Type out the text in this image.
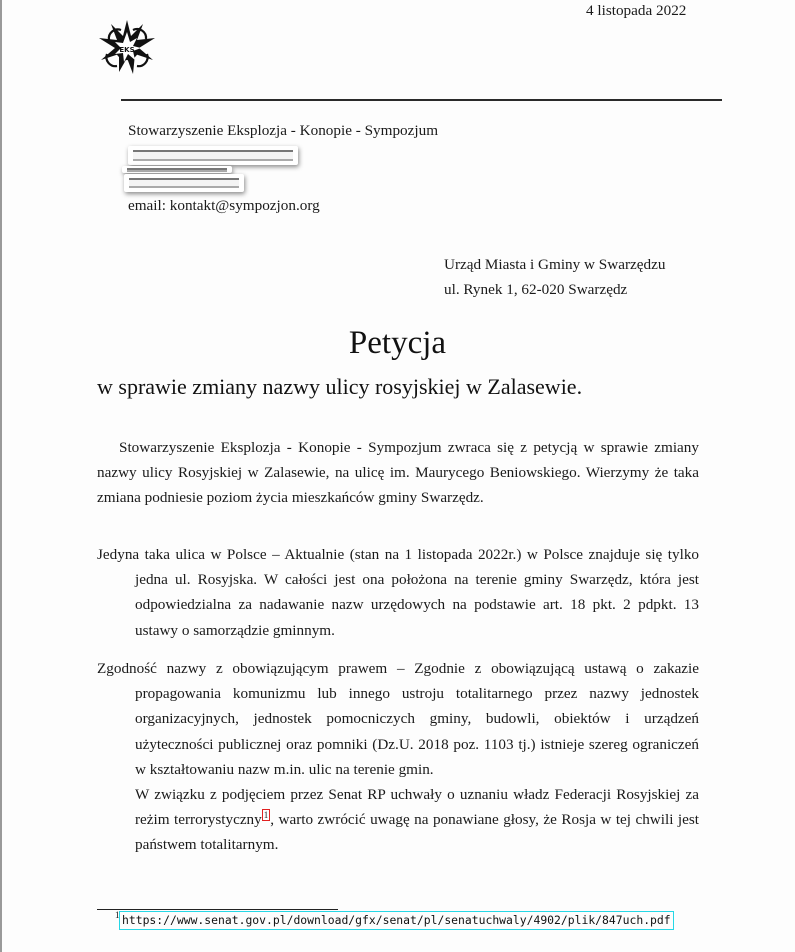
4 listopada 2022
EKS
Stowarzyszenie Eksplozja - Konopie - Sympozjum
email: kontakt@sympozjon.org
Urząd Miasta i Gminy w Swarzędzu
ul. Rynek 1, 62-020 Swarzędz
Petycja
w sprawie zmiany nazwy ulicy rosyjskiej w Zalasewie.
Stowarzyszenie Eksplozja - Konopie - Sympozjum zwraca się z petycją w sprawie zmiany nazwy ulicy Rosyjskiej w Zalasewie, na ulicę im. Maurycego Beniowskiego. Wierzymy że taka zmiana podniesie poziom życia mieszkańców gminy Swarzędz.
Jedyna taka ulica w Polsce – Aktualnie (stan na 1 listopada 2022r.) w Polsce znajduje się tylko jedna ul. Rosyjska. W całości jest ona położona na terenie gminy Swarzędz, która jest odpowiedzialna za nadawanie nazw urzędowych na podstawie art. 18 pkt. 2 pdpkt. 13 ustawy o samorządzie gminnym.
Zgodność nazwy z obowiązującym prawem – Zgodnie z obowiązującą ustawą o zakazie propagowania komunizmu lub innego ustroju totalitarnego przez nazwy jednostek organizacyjnych, jednostek pomocniczych gminy, budowli, obiektów i urządzeń użyteczności publicznej oraz pomniki (Dz.U. 2018 poz. 1103 tj.) istnieje szereg ograniczeń w kształtowaniu nazw m.in. ulic na terenie gmin.
W związku z podjęciem przez Senat RP uchwały o uznaniu władz Federacji Rosyjskiej za reżim terrorystyczny 1 , warto zwrócić uwagę na ponawiane głosy, że Rosja w tej chwili jest państwem totalitarnym.
1 https://www.senat.gov.pl/download/gfx/senat/pl/senatuchwaly/4902/plik/847uch.pdf
